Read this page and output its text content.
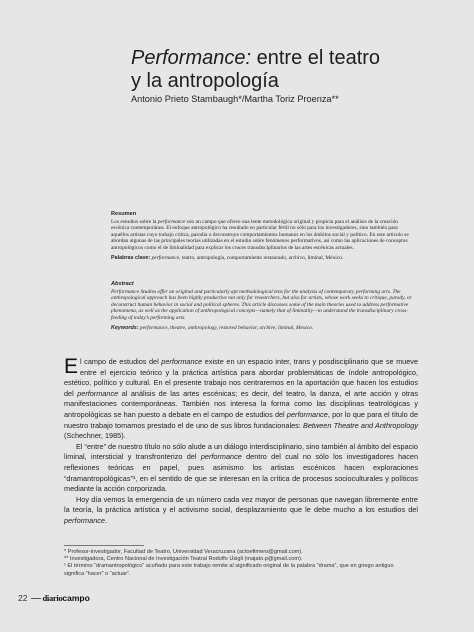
Performance: entre el teatro
y la antropología
Antonio Prieto Stambaugh*/Martha Toriz Proenza**
Resumen
Los estudios sobre la performance son un campo que ofrece una lente metodológica original y propicia para el análisis de la creación escénica contemporánea. El enfoque antropológico ha resultado en particular fértil no sólo para los investigadores, sino también para aquellos artistas cuyo trabajo critica, parodia o deconstruye comportamientos humanos en los ámbitos social y político. En este artículo se abordan algunas de las principales teorías utilizadas en el estudio sobre fenómenos performativos, así como las aplicaciones de conceptos antropológicos como el de liminalidad para explicar los cruces transdisciplinarios de las artes escénicas actuales.
Palabras clave: performance, teatro, antropología, comportamiento restaurado, archivo, liminal, México.
Abstract
Performance Studies offer an original and particularly apt methodological lens for the analysis of contemporary performing arts. The anthropological approach has been highly productive not only for researchers, but also for artists, whose work seeks to critique, parody, or deconstruct human behavior in social and political spheres. This article discusses some of the main theories used to address performative phenomena, as well as the application of anthropological concepts—namely that of liminality—to understand the transdisciplinary cross-feeding of today’s performing arts.
Keywords: performance, theatre, anthropology, restored behavior, archive, liminal, Mexico.

El campo de estudios del performance existe en un espacio inter, trans y posdisciplinario que se mueve entre el ejercicio teórico y la práctica artística para abordar problemáticas de índole antropológico, estético, político y cultural. En el presente trabajo nos centraremos en la aportación que hacen los estudios del performance al análisis de las artes escénicas; es decir, del teatro, la danza, el arte acción y otras manifestaciones contemporáneas. También nos interesa la forma como las disciplinas teatrológicas y antropológicas se han puesto a debate en el campo de estudios del performance, por lo que para el título de nuestro trabajo tomamos prestado el de uno de sus libros fundacionales: Between Theatre and Anthropology (Schechner, 1985).

El “entre” de nuestro título no sólo alude a un diálogo interdisciplinario, sino también al ámbito del espacio liminal, intersticial y transfronterizo del performance dentro del cual no sólo los investigadores hacen reflexiones teóricas en papel, pues asimismo los artistas escénicos hacen exploraciones “dramantropológicas”¹, en el sentido de que se interesan en la crítica de procesos socioculturales y políticos mediante la acción corporizada.

Hoy día vemos la emergencia de un número cada vez mayor de personas que navegan libremente entre la teoría, la práctica artística y el activismo social, desplazamiento que le debe mucho a los estudios del performance.

* Profesor-investigador, Facultad de Teatro, Universidad Veracruzana (actoefimero@gmail.com).
** Investigadora, Centro Nacional de Investigación Teatral Rodolfo Usigli (majato.p@gmail.com).
¹ El término “dramantropológico” acuñado para este trabajo remite al significado original de la palabra “drama”, que en griego antiguo significa “hacer” o “actuar”.
22 diario campo
